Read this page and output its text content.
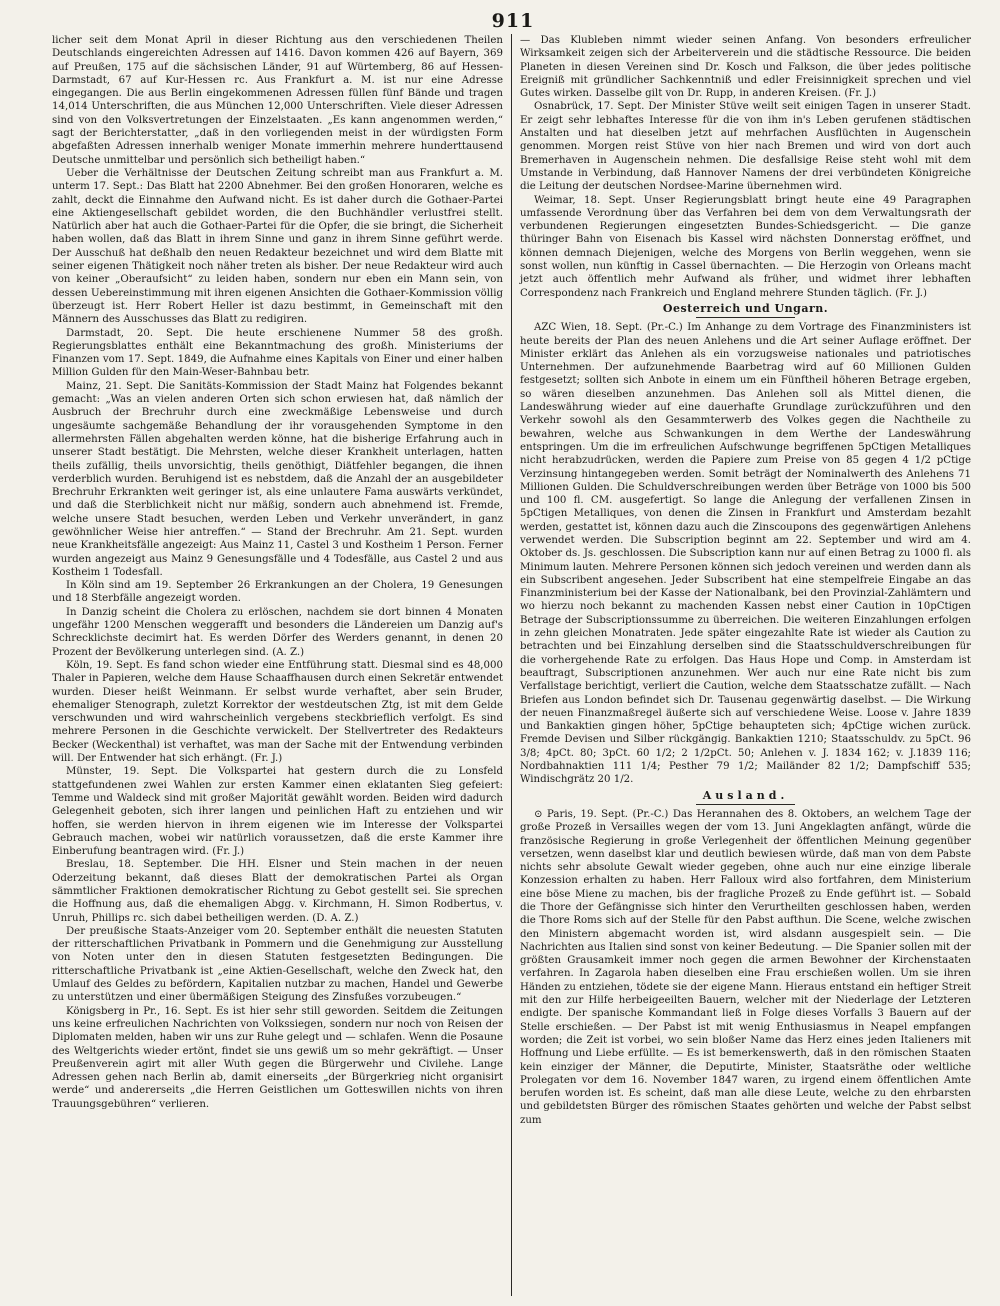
911

licher seit dem Monat April in dieser Richtung aus den verschiedenen Theilen Deutschlands eingereichten Adressen auf 1416. Davon kommen 426 auf Bayern, 369 auf Preußen, 175 auf die sächsischen Länder, 91 auf Würtemberg, 86 auf Hessen-Darmstadt, 67 auf Kur-Hessen rc. Aus Frankfurt a. M. ist nur eine Adresse eingegangen. Die aus Berlin eingekommenen Adressen füllen fünf Bände und tragen 14,014 Unterschriften, die aus München 12,000 Unterschriften. Viele dieser Adressen sind von den Volksvertretungen der Einzelstaaten. „Es kann angenommen werden,“ sagt der Berichterstatter, „daß in den vorliegenden meist in der würdigsten Form abgefaßten Adressen innerhalb weniger Monate immerhin mehrere hunderttausend Deutsche unmittelbar und persönlich sich betheiligt haben.“

Ueber die Verhältnisse der Deutschen Zeitung schreibt man aus Frankfurt a. M. unterm 17. Sept.: Das Blatt hat 2200 Abnehmer. Bei den großen Honoraren, welche es zahlt, deckt die Einnahme den Aufwand nicht. Es ist daher durch die Gothaer-Partei eine Aktiengesellschaft gebildet worden, die den Buchhändler verlustfrei stellt. Natürlich aber hat auch die Gothaer-Partei für die Opfer, die sie bringt, die Sicherheit haben wollen, daß das Blatt in ihrem Sinne und ganz in ihrem Sinne geführt werde. Der Ausschuß hat deßhalb den neuen Redakteur bezeichnet und wird dem Blatte mit seiner eigenen Thätigkeit noch näher treten als bisher. Der neue Redakteur wird auch von keiner „Oberaufsicht“ zu leiden haben, sondern nur eben ein Mann sein, von dessen Uebereinstimmung mit ihren eigenen Ansichten die Gothaer-Kommission völlig überzeugt ist. Herr Robert Heller ist dazu bestimmt, in Gemeinschaft mit den Männern des Ausschusses das Blatt zu redigiren.

Darmstadt, 20. Sept. Die heute erschienene Nummer 58 des großh. Regierungsblattes enthält eine Bekanntmachung des großh. Ministeriums der Finanzen vom 17. Sept. 1849, die Aufnahme eines Kapitals von Einer und einer halben Million Gulden für den Main-Weser-Bahnbau betr.

Mainz, 21. Sept. Die Sanitäts-Kommission der Stadt Mainz hat Folgendes bekannt gemacht: „Was an vielen anderen Orten sich schon erwiesen hat, daß nämlich der Ausbruch der Brechruhr durch eine zweckmäßige Lebensweise und durch ungesäumte sachgemäße Behandlung der ihr vorausgehenden Symptome in den allermehrsten Fällen abgehalten werden könne, hat die bisherige Erfahrung auch in unserer Stadt bestätigt. Die Mehrsten, welche dieser Krankheit unterlagen, hatten theils zufällig, theils unvorsichtig, theils genöthigt, Diätfehler begangen, die ihnen verderblich wurden. Beruhigend ist es nebstdem, daß die Anzahl der an ausgebildeter Brechruhr Erkrankten weit geringer ist, als eine unlautere Fama auswärts verkündet, und daß die Sterblichkeit nicht nur mäßig, sondern auch abnehmend ist. Fremde, welche unsere Stadt besuchen, werden Leben und Verkehr unverändert, in ganz gewöhnlicher Weise hier antreffen.“ — Stand der Brechruhr. Am 21. Sept. wurden neue Krankheitsfälle angezeigt: Aus Mainz 11, Castel 3 und Kostheim 1 Person. Ferner wurden angezeigt aus Mainz 9 Genesungsfälle und 4 Todesfälle, aus Castel 2 und aus Kostheim 1 Todesfall.

In Köln sind am 19. September 26 Erkrankungen an der Cholera, 19 Genesungen und 18 Sterbfälle angezeigt worden.

In Danzig scheint die Cholera zu erlöschen, nachdem sie dort binnen 4 Monaten ungefähr 1200 Menschen weggerafft und besonders die Ländereien um Danzig auf's Schrecklichste decimirt hat. Es werden Dörfer des Werders genannt, in denen 20 Prozent der Bevölkerung unterlegen sind. (A. Z.)

Köln, 19. Sept. Es fand schon wieder eine Entführung statt. Diesmal sind es 48,000 Thaler in Papieren, welche dem Hause Schaaffhausen durch einen Sekretär entwendet wurden. Dieser heißt Weinmann. Er selbst wurde verhaftet, aber sein Bruder, ehemaliger Stenograph, zuletzt Korrektor der westdeutschen Ztg, ist mit dem Gelde verschwunden und wird wahrscheinlich vergebens steckbrieflich verfolgt. Es sind mehrere Personen in die Geschichte verwickelt. Der Stellvertreter des Redakteurs Becker (Weckenthal) ist verhaftet, was man der Sache mit der Entwendung verbinden will. Der Entwender hat sich erhängt. (Fr. J.)

Münster, 19. Sept. Die Volkspartei hat gestern durch die zu Lonsfeld stattgefundenen zwei Wahlen zur ersten Kammer einen eklatanten Sieg gefeiert: Temme und Waldeck sind mit großer Majorität gewählt worden. Beiden wird dadurch Gelegenheit geboten, sich ihrer langen und peinlichen Haft zu entziehen und wir hoffen, sie werden hiervon in ihrem eigenen wie im Interesse der Volkspartei Gebrauch machen, wobei wir natürlich voraussetzen, daß die erste Kammer ihre Einberufung beantragen wird. (Fr. J.)

Breslau, 18. September. Die HH. Elsner und Stein machen in der neuen Oderzeitung bekannt, daß dieses Blatt der demokratischen Partei als Organ sämmtlicher Fraktionen demokratischer Richtung zu Gebot gestellt sei. Sie sprechen die Hoffnung aus, daß die ehemaligen Abgg. v. Kirchmann, H. Simon Rodbertus, v. Unruh, Phillips rc. sich dabei betheiligen werden. (D. A. Z.)

Der preußische Staats-Anzeiger vom 20. September enthält die neuesten Statuten der ritterschaftlichen Privatbank in Pommern und die Genehmigung zur Ausstellung von Noten unter den in diesen Statuten festgesetzten Bedingungen. Die ritterschaftliche Privatbank ist „eine Aktien-Gesellschaft, welche den Zweck hat, den Umlauf des Geldes zu befördern, Kapitalien nutzbar zu machen, Handel und Gewerbe zu unterstützen und einer übermäßigen Steigung des Zinsfußes vorzubeugen.“

Königsberg in Pr., 16. Sept. Es ist hier sehr still geworden. Seitdem die Zeitungen uns keine erfreulichen Nachrichten von Volkssiegen, sondern nur noch von Reisen der Diplomaten melden, haben wir uns zur Ruhe gelegt und — schlafen. Wenn die Posaune des Weltgerichts wieder ertönt, findet sie uns gewiß um so mehr gekräftigt. — Unser Preußenverein agirt mit aller Wuth gegen die Bürgerwehr und Civilehe. Lange Adressen gehen nach Berlin ab, damit einerseits „der Bürgerkrieg nicht organisirt werde“ und andererseits „die Herren Geistlichen um Gotteswillen nichts von ihren Trauungsgebühren“ verlieren.

— Das Klubleben nimmt wieder seinen Anfang. Von besonders erfreulicher Wirksamkeit zeigen sich der Arbeiterverein und die städtische Ressource. Die beiden Planeten in diesen Vereinen sind Dr. Kosch und Falkson, die über jedes politische Ereigniß mit gründlicher Sachkenntniß und edler Freisinnigkeit sprechen und viel Gutes wirken. Dasselbe gilt von Dr. Rupp, in anderen Kreisen. (Fr. J.)

Osnabrück, 17. Sept. Der Minister Stüve weilt seit einigen Tagen in unserer Stadt. Er zeigt sehr lebhaftes Interesse für die von ihm in's Leben gerufenen städtischen Anstalten und hat dieselben jetzt auf mehrfachen Ausflüchten in Augenschein genommen. Morgen reist Stüve von hier nach Bremen und wird von dort auch Bremerhaven in Augenschein nehmen. Die desfallsige Reise steht wohl mit dem Umstande in Verbindung, daß Hannover Namens der drei verbündeten Königreiche die Leitung der deutschen Nordsee-Marine übernehmen wird.

Weimar, 18. Sept. Unser Regierungsblatt bringt heute eine 49 Paragraphen umfassende Verordnung über das Verfahren bei dem von dem Verwaltungsrath der verbundenen Regierungen eingesetzten Bundes-Schiedsgericht. — Die ganze thüringer Bahn von Eisenach bis Kassel wird nächsten Donnerstag eröffnet, und können demnach Diejenigen, welche des Morgens von Berlin weggehen, wenn sie sonst wollen, nun künftig in Cassel übernachten. — Die Herzogin von Orleans macht jetzt auch öffentlich mehr Aufwand als früher, und widmet ihrer lebhaften Correspondenz nach Frankreich und England mehrere Stunden täglich. (Fr. J.)

Oesterreich und Ungarn.

AZC Wien, 18. Sept. (Pr.-C.) Im Anhange zu dem Vortrage des Finanzministers ist heute bereits der Plan des neuen Anlehens und die Art seiner Auflage eröffnet. Der Minister erklärt das Anlehen als ein vorzugsweise nationales und patriotisches Unternehmen. Der aufzunehmende Baarbetrag wird auf 60 Millionen Gulden festgesetzt; sollten sich Anbote in einem um ein Fünftheil höheren Betrage ergeben, so wären dieselben anzunehmen. Das Anlehen soll als Mittel dienen, die Landeswährung wieder auf eine dauerhafte Grundlage zurückzuführen und den Verkehr sowohl als den Gesammterwerb des Volkes gegen die Nachtheile zu bewahren, welche aus Schwankungen in dem Werthe der Landeswährung entspringen. Um die im erfreulichen Aufschwunge begriffenen 5pCtigen Metalliques nicht herabzudrücken, werden die Papiere zum Preise von 85 gegen 4 1/2 pCtige Verzinsung hintangegeben werden. Somit beträgt der Nominalwerth des Anlehens 71 Millionen Gulden. Die Schuldverschreibungen werden über Beträge von 1000 bis 500 und 100 fl. CM. ausgefertigt. So lange die Anlegung der verfallenen Zinsen in 5pCtigen Metalliques, von denen die Zinsen in Frankfurt und Amsterdam bezahlt werden, gestattet ist, können dazu auch die Zinscoupons des gegenwärtigen Anlehens verwendet werden. Die Subscription beginnt am 22. September und wird am 4. Oktober ds. Js. geschlossen. Die Subscription kann nur auf einen Betrag zu 1000 fl. als Minimum lauten. Mehrere Personen können sich jedoch vereinen und werden dann als ein Subscribent angesehen. Jeder Subscribent hat eine stempelfreie Eingabe an das Finanzministerium bei der Kasse der Nationalbank, bei den Provinzial-Zahlämtern und wo hierzu noch bekannt zu machenden Kassen nebst einer Caution in 10pCtigen Betrage der Subscriptionssumme zu überreichen. Die weiteren Einzahlungen erfolgen in zehn gleichen Monatraten. Jede später eingezahlte Rate ist wieder als Caution zu betrachten und bei Einzahlung derselben sind die Staatsschuldverschreibungen für die vorhergehende Rate zu erfolgen. Das Haus Hope und Comp. in Amsterdam ist beauftragt, Subscriptionen anzunehmen. Wer auch nur eine Rate nicht bis zum Verfallstage berichtigt, verliert die Caution, welche dem Staatsschatze zufällt. — Nach Briefen aus London befindet sich Dr. Tausenau gegenwärtig daselbst. — Die Wirkung der neuen Finanzmaßregel äußerte sich auf verschiedene Weise. Loose v. Jahre 1839 und Bankaktien gingen höher, 5pCtige behaupteten sich; 4pCtige wichen zurück. Fremde Devisen und Silber rückgängig. Bankaktien 1210; Staatsschuldv. zu 5pCt. 96 3/8; 4pCt. 80; 3pCt. 60 1/2; 2 1/2pCt. 50; Anlehen v. J. 1834 162; v. J.1839 116; Nordbahnaktien 111 1/4; Pesther 79 1/2; Mailänder 82 1/2; Dampfschiff 535; Windischgrätz 20 1/2.

Ausland.

⊙ Paris, 19. Sept. (Pr.-C.) Das Herannahen des 8. Oktobers, an welchem Tage der große Prozeß in Versailles wegen der vom 13. Juni Angeklagten anfängt, würde die französische Regierung in große Verlegenheit der öffentlichen Meinung gegenüber versetzen, wenn daselbst klar und deutlich bewiesen würde, daß man von dem Pabste nichts sehr absolute Gewalt wieder gegeben, ohne auch nur eine einzige liberale Konzession erhalten zu haben. Herr Falloux wird also fortfahren, dem Ministerium eine böse Miene zu machen, bis der fragliche Prozeß zu Ende geführt ist. — Sobald die Thore der Gefängnisse sich hinter den Verurtheilten geschlossen haben, werden die Thore Roms sich auf der Stelle für den Pabst aufthun. Die Scene, welche zwischen den Ministern abgemacht worden ist, wird alsdann ausgespielt sein. — Die Nachrichten aus Italien sind sonst von keiner Bedeutung. — Die Spanier sollen mit der größten Grausamkeit immer noch gegen die armen Bewohner der Kirchenstaaten verfahren. In Zagarola haben dieselben eine Frau erschießen wollen. Um sie ihren Händen zu entziehen, tödete sie der eigene Mann. Hieraus entstand ein heftiger Streit mit den zur Hilfe herbeigeeilten Bauern, welcher mit der Niederlage der Letzteren endigte. Der spanische Kommandant ließ in Folge dieses Vorfalls 3 Bauern auf der Stelle erschießen. — Der Pabst ist mit wenig Enthusiasmus in Neapel empfangen worden; die Zeit ist vorbei, wo sein bloßer Name das Herz eines jeden Italieners mit Hoffnung und Liebe erfüllte. — Es ist bemerkenswerth, daß in den römischen Staaten kein einziger der Männer, die Deputirte, Minister, Staatsräthe oder weltliche Prolegaten vor dem 16. November 1847 waren, zu irgend einem öffentlichen Amte berufen worden ist. Es scheint, daß man alle diese Leute, welche zu den ehrbarsten und gebildetsten Bürger des römischen Staates gehörten und welche der Pabst selbst zum
